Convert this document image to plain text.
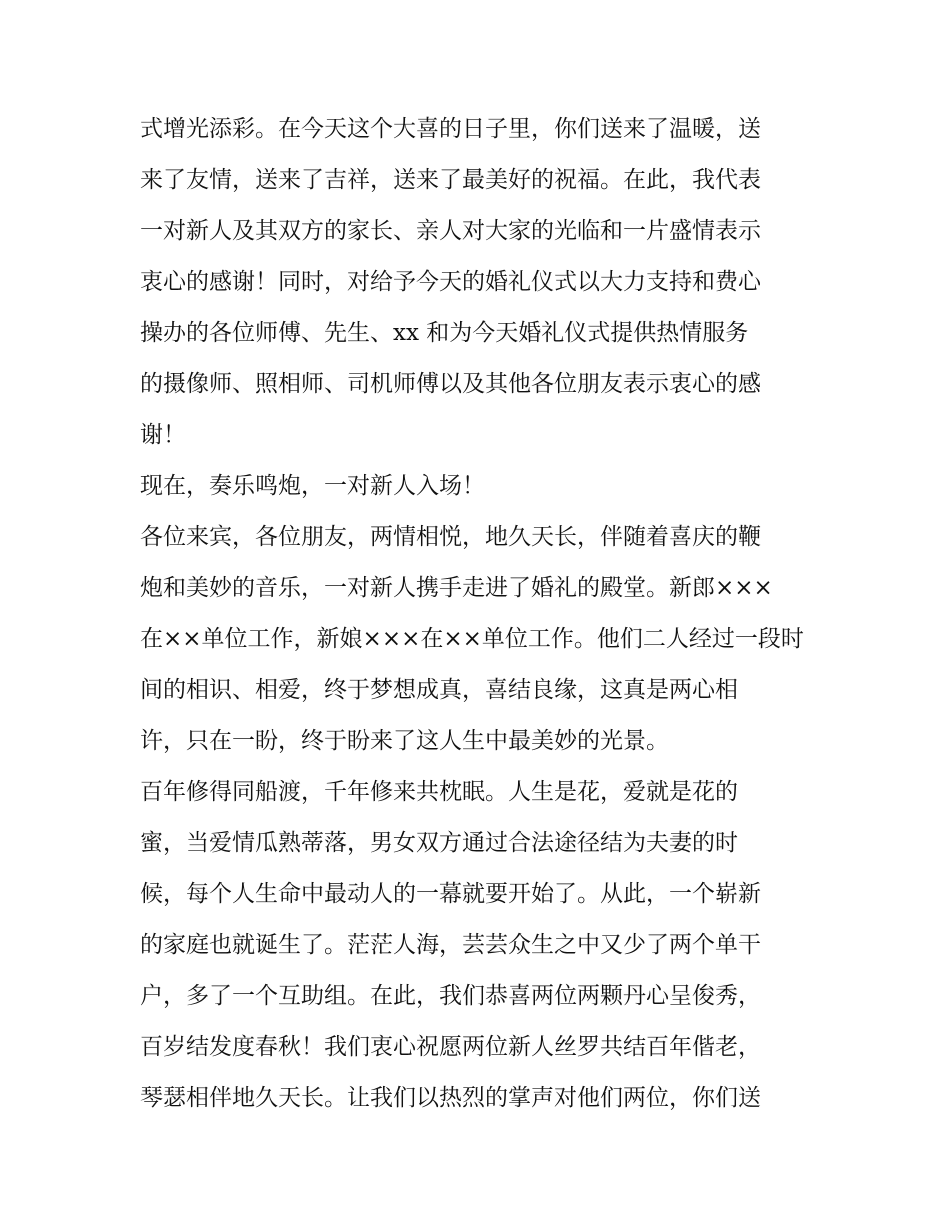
式增光添彩。在今天这个大喜的日子里，你们送来了温暖，送
来了友情，送来了吉祥，送来了最美好的祝福。在此，我代表
一对新人及其双方的家长、亲人对大家的光临和一片盛情表示
衷心的感谢！同时，对给予今天的婚礼仪式以大力支持和费心
操办的各位师傅、先生、xx 和为今天婚礼仪式提供热情服务
的摄像师、照相师、司机师傅以及其他各位朋友表示衷心的感
谢！
现在，奏乐鸣炮，一对新人入场！
各位来宾，各位朋友，两情相悦，地久天长，伴随着喜庆的鞭
炮和美妙的音乐，一对新人携手走进了婚礼的殿堂。新郎×××
在××单位工作，新娘×××在××单位工作。他们二人经过一段时
间的相识、相爱，终于梦想成真，喜结良缘，这真是两心相
许，只在一盼，终于盼来了这人生中最美妙的光景。
百年修得同船渡，千年修来共枕眠。人生是花，爱就是花的
蜜，当爱情瓜熟蒂落，男女双方通过合法途径结为夫妻的时
候，每个人生命中最动人的一幕就要开始了。从此，一个崭新
的家庭也就诞生了。茫茫人海，芸芸众生之中又少了两个单干
户，多了一个互助组。在此，我们恭喜两位两颗丹心呈俊秀，
百岁结发度春秋！我们衷心祝愿两位新人丝罗共结百年偕老，
琴瑟相伴地久天长。让我们以热烈的掌声对他们两位，你们送
